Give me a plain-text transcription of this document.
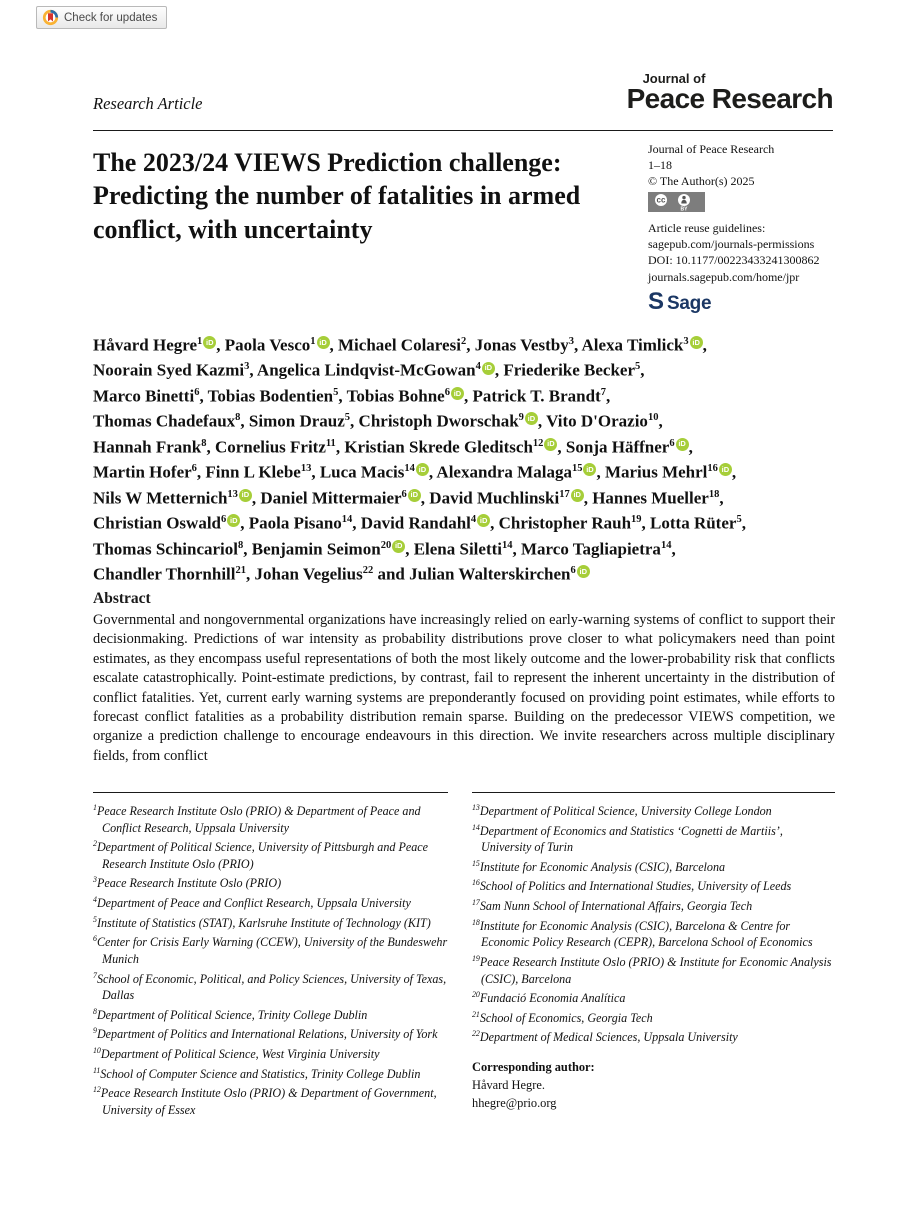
Check for updates
Research Article
Journal of
Peace Research
The 2023/24 VIEWS Prediction challenge: Predicting the number of fatalities in armed conflict, with uncertainty
Journal of Peace Research
1–18
© The Author(s) 2025
cc
BY
Article reuse guidelines:
sagepub.com/journals-permissions
DOI: 10.1177/00223433241300862
journals.sagepub.com/home/jpr
S Sage
Håvard Hegre$^1$ iD , Paola Vesco$^1$ iD , Michael Colaresi$^2$, Jonas Vestby$^3$, Alexa Timlick$^3$ iD ,
Noorain Syed Kazmi$^3$, Angelica Lindqvist-McGowan$^4$ iD , Friederike Becker$^5$,
Marco Binetti$^6$, Tobias Bodentien$^5$, Tobias Bohne$^6$ iD , Patrick T. Brandt$^7$,
Thomas Chadefaux$^8$, Simon Drauz$^5$, Christoph Dworschak$^9$ iD , Vito D'Orazio$^{10}$,
Hannah Frank$^8$, Cornelius Fritz$^{11}$, Kristian Skrede Gleditsch$^{12}$ iD , Sonja Häffner$^6$ iD ,
Martin Hofer$^6$, Finn L Klebe$^{13}$, Luca Macis$^{14}$ iD , Alexandra Malaga$^{15}$ iD , Marius Mehrl$^{16}$ iD ,
Nils W Metternich$^{13}$ iD , Daniel Mittermaier$^6$ iD , David Muchlinski$^{17}$ iD , Hannes Mueller$^{18}$,
Christian Oswald$^6$ iD , Paola Pisano$^{14}$, David Randahl$^4$ iD , Christopher Rauh$^{19}$, Lotta Rüter$^5$,
Thomas Schincariol$^8$, Benjamin Seimon$^{20}$ iD , Elena Siletti$^{14}$, Marco Tagliapietra$^{14}$,
Chandler Thornhill$^{21}$, Johan Vegelius$^{22}$ and Julian Walterskirchen$^6$ iD
Abstract
Governmental and nongovernmental organizations have increasingly relied on early-warning systems of conflict to support their decisionmaking. Predictions of war intensity as probability distributions prove closer to what policymakers need than point estimates, as they encompass useful representations of both the most likely outcome and the lower-probability risk that conflicts escalate catastrophically. Point-estimate predictions, by contrast, fail to represent the inherent uncertainty in the distribution of conflict fatalities. Yet, current early warning systems are preponderantly focused on providing point estimates, while efforts to forecast conflict fatalities as a probability distribution remain sparse. Building on the predecessor VIEWS competition, we organize a prediction challenge to encourage endeavours in this direction. We invite researchers across multiple disciplinary fields, from conflict
$^1$Peace Research Institute Oslo (PRIO) & Department of Peace and Conflict Research, Uppsala University
$^2$Department of Political Science, University of Pittsburgh and Peace Research Institute Oslo (PRIO)
$^3$Peace Research Institute Oslo (PRIO)
$^4$Department of Peace and Conflict Research, Uppsala University
$^5$Institute of Statistics (STAT), Karlsruhe Institute of Technology (KIT)
$^6$Center for Crisis Early Warning (CCEW), University of the Bundeswehr Munich
$^7$School of Economic, Political, and Policy Sciences, University of Texas, Dallas
$^8$Department of Political Science, Trinity College Dublin
$^9$Department of Politics and International Relations, University of York
$^{10}$Department of Political Science, West Virginia University
$^{11}$School of Computer Science and Statistics, Trinity College Dublin
$^{12}$Peace Research Institute Oslo (PRIO) & Department of Government, University of Essex
$^{13}$Department of Political Science, University College London
$^{14}$Department of Economics and Statistics ‘Cognetti de Martiis’, University of Turin
$^{15}$Institute for Economic Analysis (CSIC), Barcelona
$^{16}$School of Politics and International Studies, University of Leeds
$^{17}$Sam Nunn School of International Affairs, Georgia Tech
$^{18}$Institute for Economic Analysis (CSIC), Barcelona & Centre for Economic Policy Research (CEPR), Barcelona School of Economics
$^{19}$Peace Research Institute Oslo (PRIO) & Institute for Economic Analysis (CSIC), Barcelona
$^{20}$Fundació Economia Analítica
$^{21}$School of Economics, Georgia Tech
$^{22}$Department of Medical Sciences, Uppsala University
Corresponding author:
Håvard Hegre.
hhegre@prio.org
